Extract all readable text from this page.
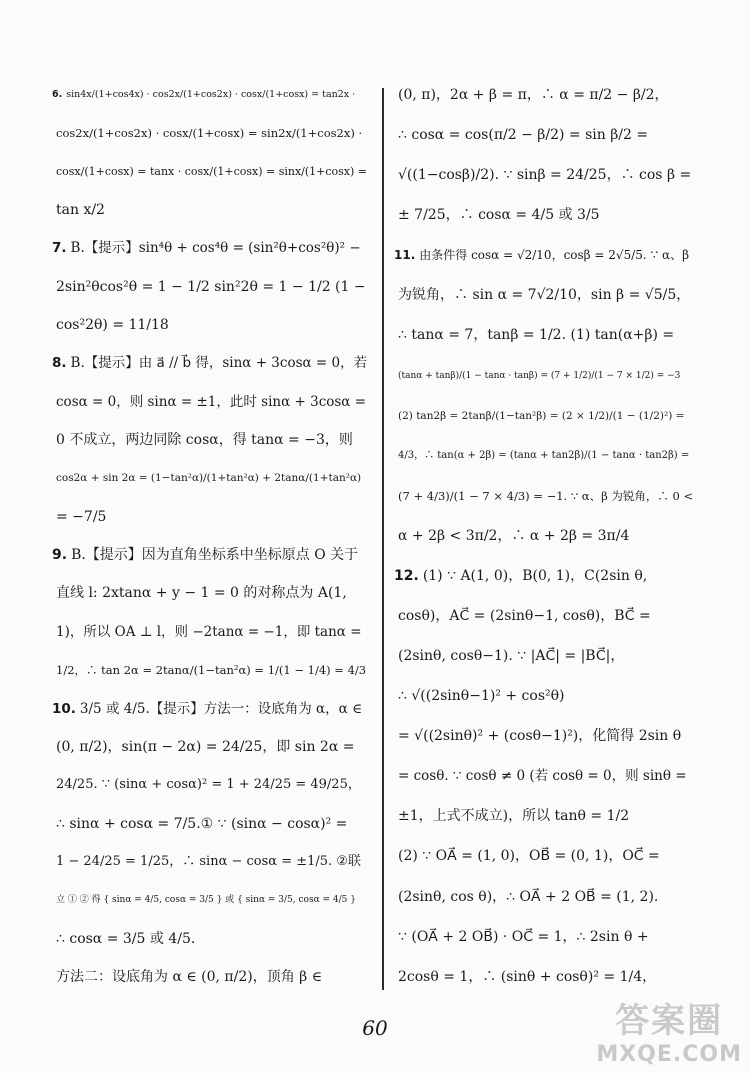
6. sin4x/(1+cos4x) · cos2x/(1+cos2x) · cosx/(1+cosx) = tan2x ·
cos2x/(1+cos2x) · cosx/(1+cosx) = sin2x/(1+cos2x) ·
cosx/(1+cosx) = tanx · cosx/(1+cosx) = sinx/(1+cosx) =
tan x/2
7. B.【提示】sin⁴θ + cos⁴θ = (sin²θ+cos²θ)² −
2sin²θcos²θ = 1 − 1/2 sin²2θ = 1 − 1/2 (1 −
cos²2θ) = 11/18
8. B.【提示】由 a⃗ // b⃗ 得，sinα + 3cosα = 0，若
cosα = 0，则 sinα = ±1，此时 sinα + 3cosα =
0 不成立，两边同除 cosα，得 tanα = −3，则
cos2α + sin 2α = (1−tan²α)/(1+tan²α) + 2tanα/(1+tan²α)
= −7/5
9. B.【提示】因为直角坐标系中坐标原点 O 关于
直线 l: 2xtanα + y − 1 = 0 的对称点为 A(1,
1)，所以 OA ⊥ l，则 −2tanα = −1，即 tanα =
1/2，∴ tan 2α = 2tanα/(1−tan²α) = 1/(1 − 1/4) = 4/3
10. 3/5 或 4/5.【提示】方法一：设底角为 α，α ∈
(0, π/2)，sin(π − 2α) = 24/25，即 sin 2α =
24/25. ∵ (sinα + cosα)² = 1 + 24/25 = 49/25，
∴ sinα + cosα = 7/5.① ∵ (sinα − cosα)² =
1 − 24/25 = 1/25，∴ sinα − cosα = ±1/5. ②联
立 ① ② 得 { sinα = 4/5, cosα = 3/5 } 或 { sinα = 3/5, cosα = 4/5 }
∴ cosα = 3/5 或 4/5.
方法二：设底角为 α ∈ (0, π/2)，顶角 β ∈
(0, π)，2α + β = π，∴ α = π/2 − β/2，
∴ cosα = cos(π/2 − β/2) = sin β/2 =
√((1−cosβ)/2). ∵ sinβ = 24/25，∴ cos β =
± 7/25，∴ cosα = 4/5 或 3/5
11. 由条件得 cosα = √2/10，cosβ = 2√5/5. ∵ α、β
为锐角，∴ sin α = 7√2/10，sin β = √5/5，
∴ tanα = 7，tanβ = 1/2. (1) tan(α+β) =
(tanα + tanβ)/(1 − tanα · tanβ) = (7 + 1/2)/(1 − 7 × 1/2) = −3
(2) tan2β = 2tanβ/(1−tan²β) = (2 × 1/2)/(1 − (1/2)²) =
4/3，∴ tan(α + 2β) = (tanα + tan2β)/(1 − tanα · tan2β) =
(7 + 4/3)/(1 − 7 × 4/3) = −1. ∵ α、β 为锐角，∴ 0 <
α + 2β < 3π/2，∴ α + 2β = 3π/4
12. (1) ∵ A(1, 0)，B(0, 1)，C(2sin θ,
cosθ)，AC⃗ = (2sinθ−1, cosθ)，BC⃗ =
(2sinθ, cosθ−1). ∵ |AC⃗| = |BC⃗|，
∴ √((2sinθ−1)² + cos²θ)
= √((2sinθ)² + (cosθ−1)²)，化简得 2sin θ
= cosθ. ∵ cosθ ≠ 0 (若 cosθ = 0，则 sinθ =
±1，上式不成立)，所以 tanθ = 1/2
(2) ∵ OA⃗ = (1, 0)，OB⃗ = (0, 1)，OC⃗ =
(2sinθ, cos θ)，∴ OA⃗ + 2 OB⃗ = (1, 2).
∵ (OA⃗ + 2 OB⃗) · OC⃗ = 1，∴ 2sin θ +
2cosθ = 1，∴ (sinθ + cosθ)² = 1/4，
60	答案圈
MXQE.COM
